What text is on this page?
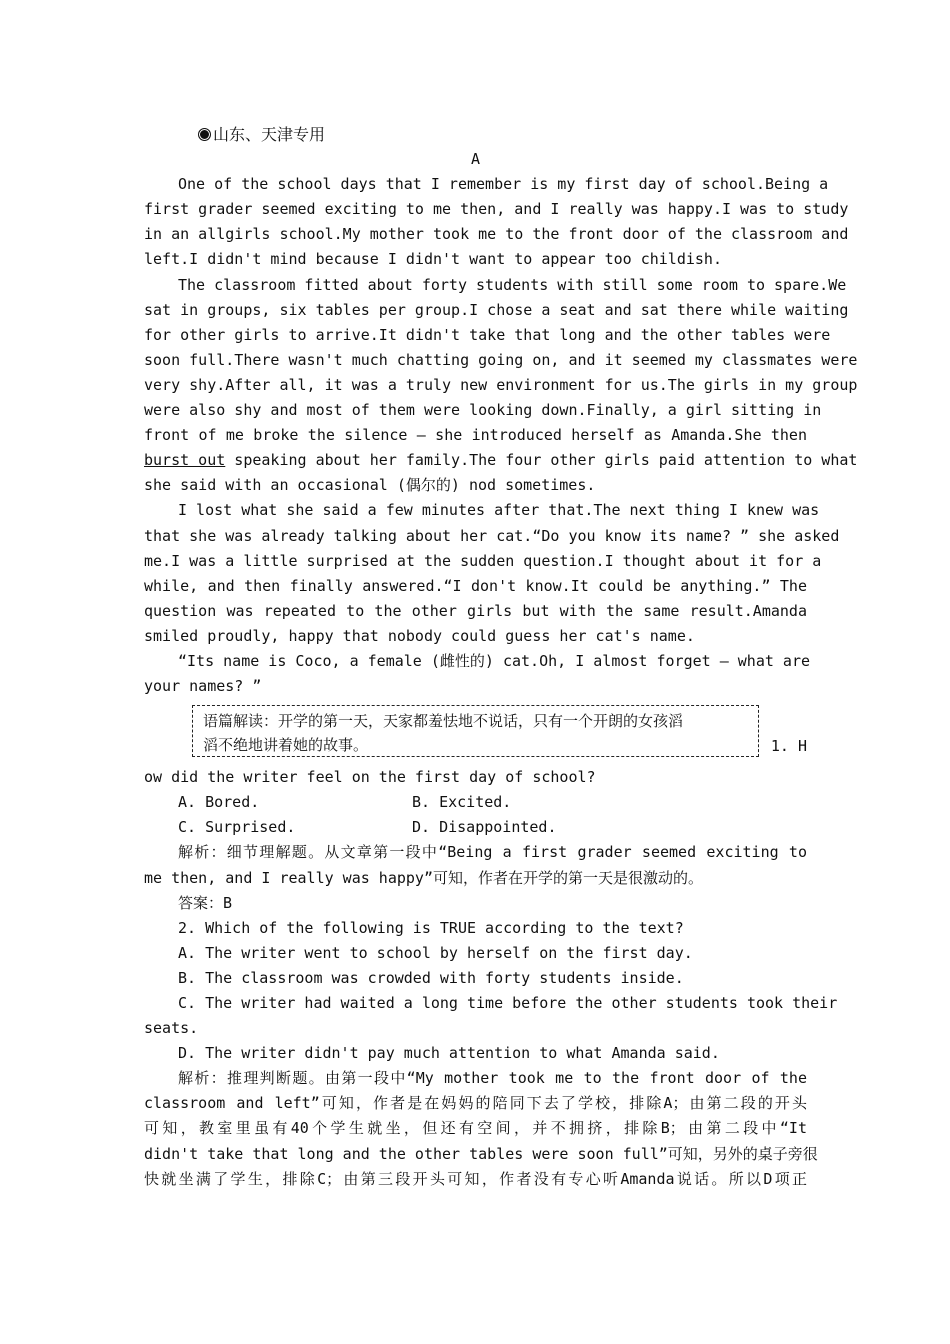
山东、天津专用
A
One of the school days that I remember is my first day of school.Being a
first grader seemed exciting to me then, and I really was happy.I was to study
in an allgirls school.My mother took me to the front door of the classroom and
left.I didn't mind because I didn't want to appear too childish.
The classroom fitted about forty students with still some room to spare.We
sat in groups, six tables per group.I chose a seat and sat there while waiting
for other girls to arrive.It didn't take that long and the other tables were
soon full.There wasn't much chatting going on, and it seemed my classmates were
very shy.After all, it was a truly new environment for us.The girls in my group
were also shy and most of them were looking down.Finally, a girl sitting in
front of me broke the silence — she introduced herself as Amanda.She then
burst out speaking about her family.The four other girls paid attention to what
she said with an occasional (偶尔的) nod sometimes.
I lost what she said a few minutes after that.The next thing I knew was
that she was already talking about her cat.“Do you know its name? ” she asked
me.I was a little surprised at the sudden question.I thought about it for a
while, and then finally answered.“I don't know.It could be anything.” The
question was repeated to the other girls but with the same result.Amanda
smiled proudly, happy that nobody could guess her cat's name.
“Its name is Coco, a female (雌性的) cat.Oh, I almost forget — what are
your names? ”
语篇解读：开学的第一天，天家都羞怯地不说话，只有一个开朗的女孩滔
滔不绝地讲着她的故事。	1. H
ow did the writer feel on the first day of school?
A. Bored.	B. Excited.
C. Surprised.	D. Disappointed.
解析：细节理解题。从文章第一段中“Being a first grader seemed exciting to
me then, and I really was happy”可知，作者在开学的第一天是很激动的。
答案：B
2. Which of the following is TRUE according to the text?
A. The writer went to school by herself on the first day.
B. The classroom was crowded with forty students inside.
C. The writer had waited a long time before the other students took their
seats.
D. The writer didn't pay much attention to what Amanda said.
解析：推理判断题。由第一段中“My mother took me to the front door of the
classroom and left”可知，作者是在妈妈的陪同下去了学校，排除A；由第二段的开头
可知，教室里虽有40个学生就坐，但还有空间，并不拥挤，排除B；由第二段中“It
didn't take that long and the other tables were soon full”可知，另外的桌子旁很
快就坐满了学生，排除C；由第三段开头可知，作者没有专心听Amanda说话。所以D项正
